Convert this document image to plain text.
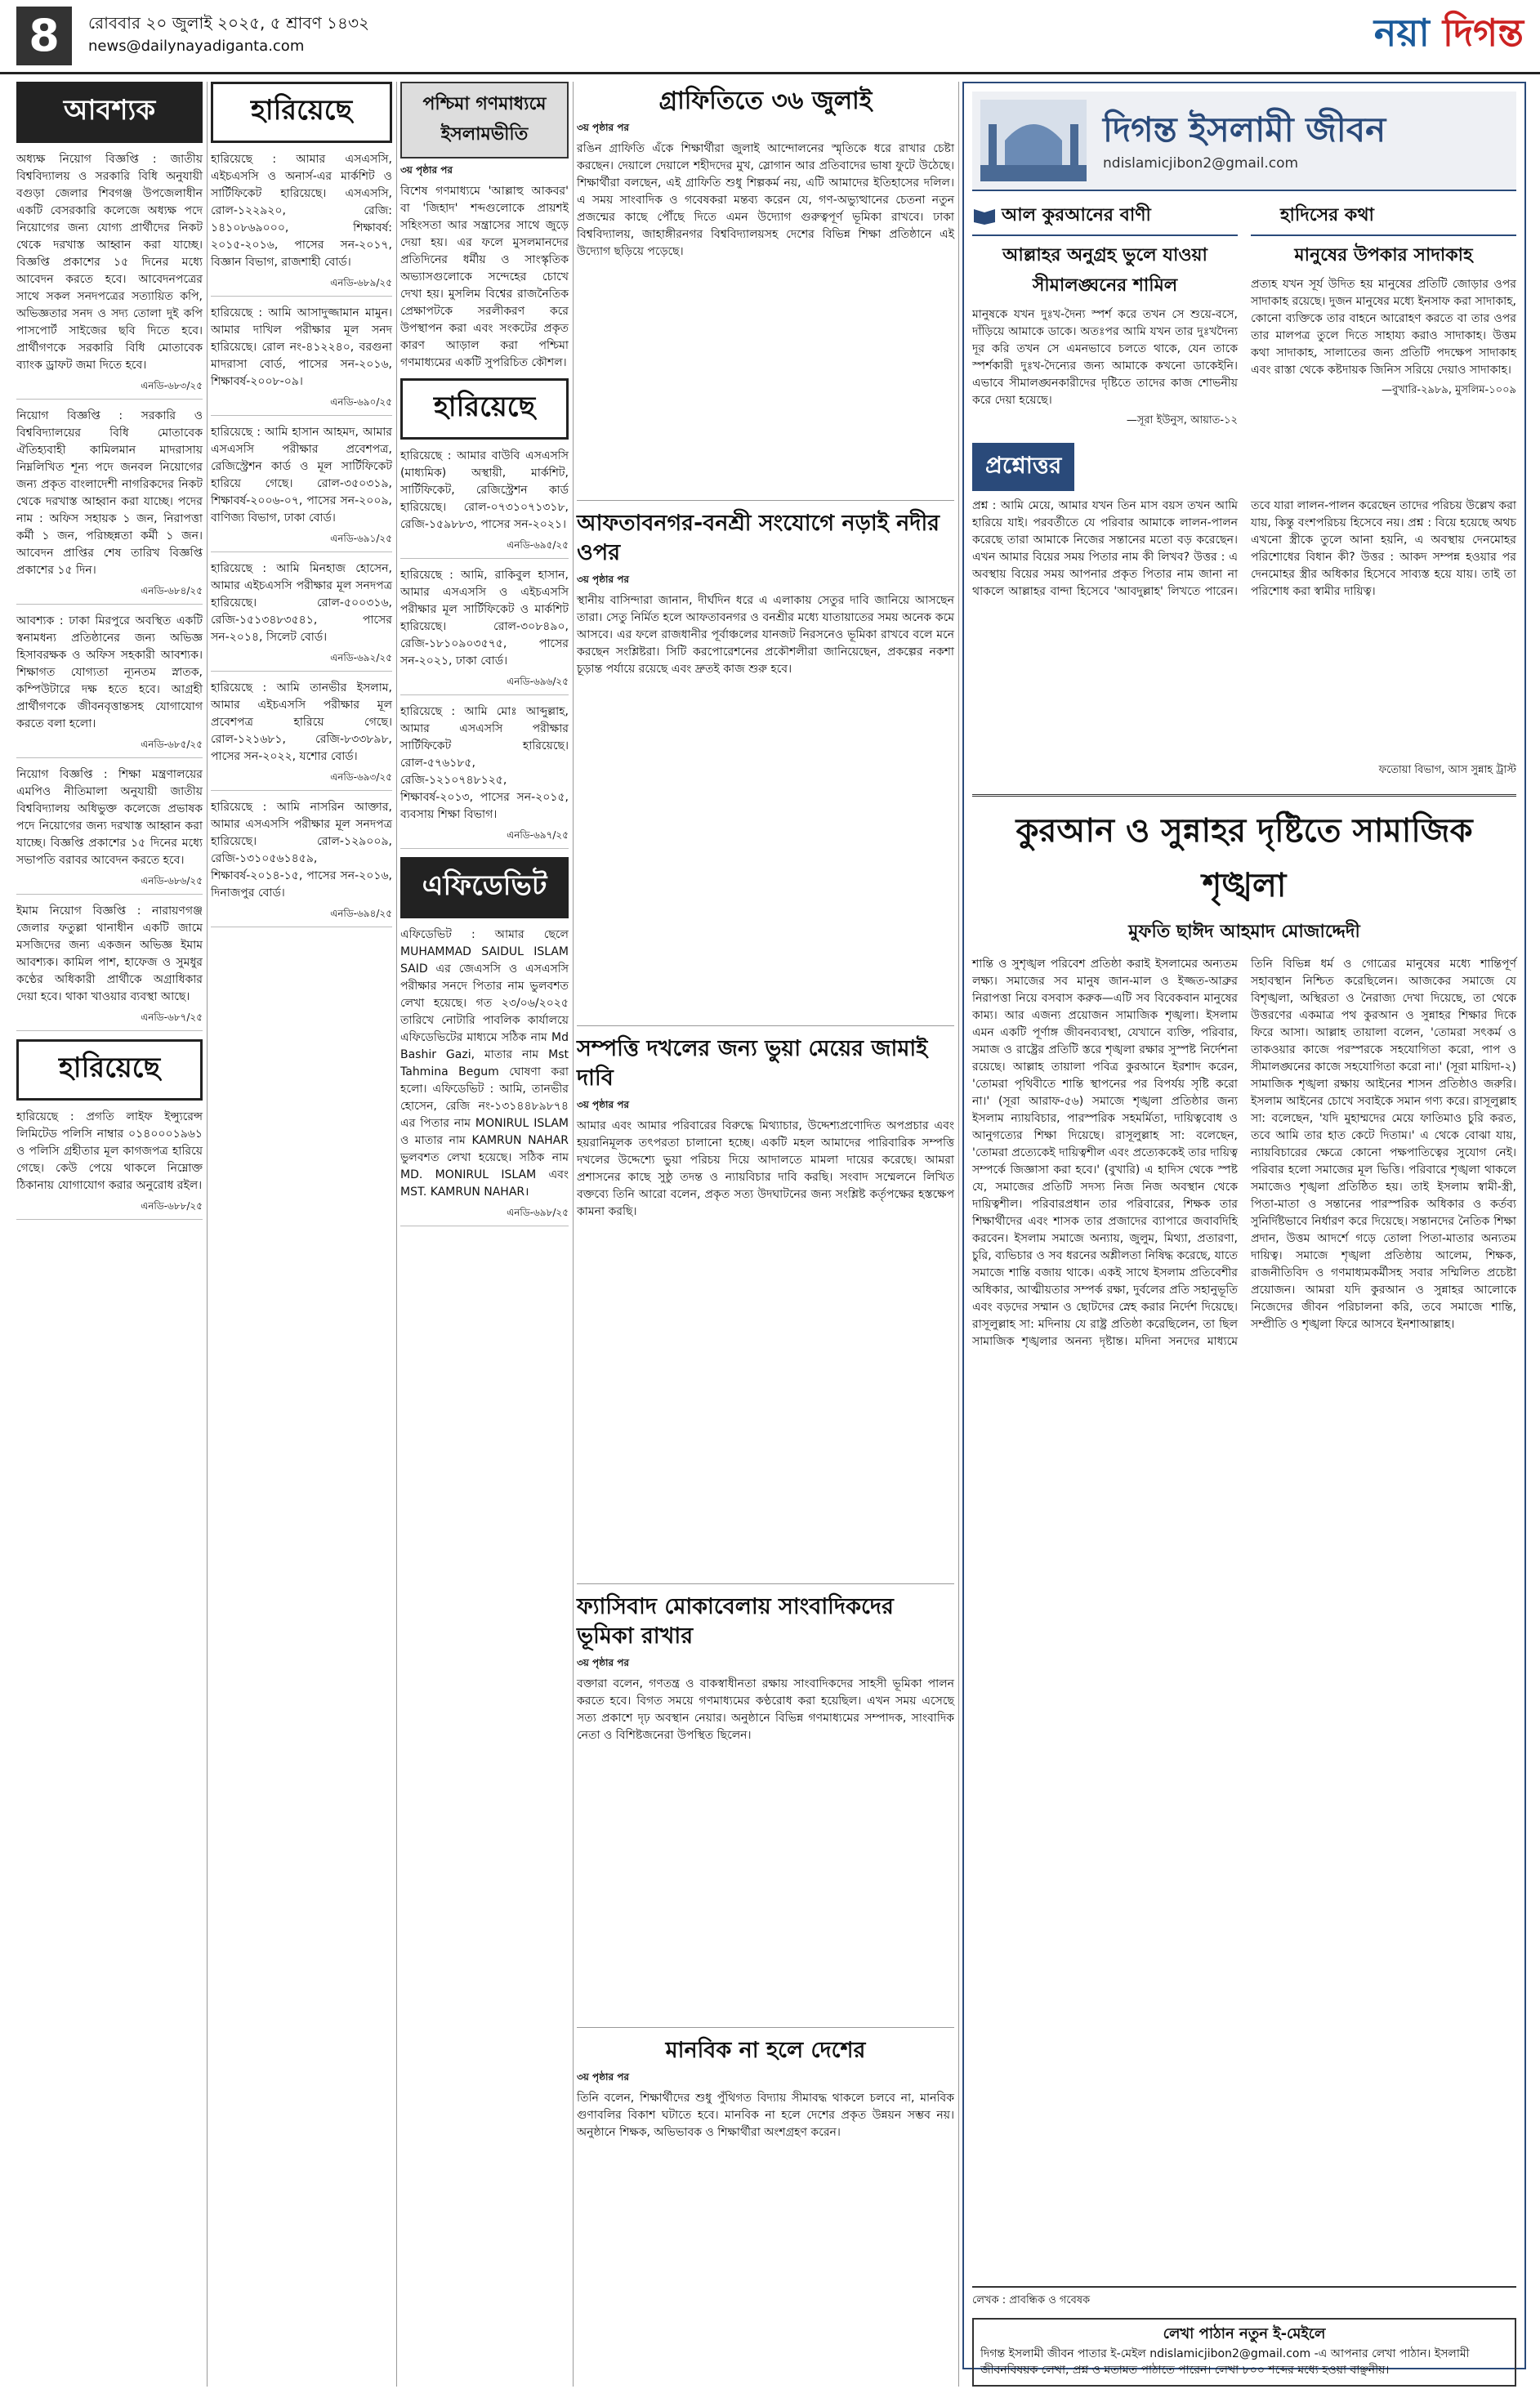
8	রোববার ২০ জুলাই ২০২৫, ৫ শ্রাবণ ১৪৩২
news@dailynayadiganta.com	নয়া দিগন্ত
আবশ্যক

অধ্যক্ষ নিয়োগ বিজ্ঞপ্তি : জাতীয় বিশ্ববিদ্যালয় ও সরকারি বিধি অনুযায়ী বগুড়া জেলার শিবগঞ্জ উপজেলাধীন একটি বেসরকারি কলেজে অধ্যক্ষ পদে নিয়োগের জন্য যোগ্য প্রার্থীদের নিকট থেকে দরখাস্ত আহ্বান করা যাচ্ছে। বিজ্ঞপ্তি প্রকাশের ১৫ দিনের মধ্যে আবেদন করতে হবে। আবেদনপত্রের সাথে সকল সনদপত্রের সত্যায়িত কপি, অভিজ্ঞতার সনদ ও সদ্য তোলা দুই কপি পাসপোর্ট সাইজের ছবি দিতে হবে। প্রার্থীগণকে সরকারি বিধি মোতাবেক ব্যাংক ড্রাফট জমা দিতে হবে।

এনডি-৬৮৩/২৫

নিয়োগ বিজ্ঞপ্তি : সরকারি ও বিশ্ববিদ্যালয়ের বিধি মোতাবেক ঐতিহ্যবাহী কামিলমান মাদরাসায় নিম্নলিখিত শূন্য পদে জনবল নিয়োগের জন্য প্রকৃত বাংলাদেশী নাগরিকদের নিকট থেকে দরখাস্ত আহ্বান করা যাচ্ছে। পদের নাম : অফিস সহায়ক ১ জন, নিরাপত্তা কর্মী ১ জন, পরিচ্ছন্নতা কর্মী ১ জন। আবেদন প্রাপ্তির শেষ তারিখ বিজ্ঞপ্তি প্রকাশের ১৫ দিন।

এনডি-৬৮৪/২৫

আবশ্যক : ঢাকা মিরপুরে অবস্থিত একটি স্বনামধন্য প্রতিষ্ঠানের জন্য অভিজ্ঞ হিসাবরক্ষক ও অফিস সহকারী আবশ্যক। শিক্ষাগত যোগ্যতা ন্যূনতম স্নাতক, কম্পিউটারে দক্ষ হতে হবে। আগ্রহী প্রার্থীগণকে জীবনবৃত্তান্তসহ যোগাযোগ করতে বলা হলো।

এনডি-৬৮৫/২৫

নিয়োগ বিজ্ঞপ্তি : শিক্ষা মন্ত্রণালয়ের এমপিও নীতিমালা অনুযায়ী জাতীয় বিশ্ববিদ্যালয় অধিভুক্ত কলেজে প্রভাষক পদে নিয়োগের জন্য দরখাস্ত আহ্বান করা যাচ্ছে। বিজ্ঞপ্তি প্রকাশের ১৫ দিনের মধ্যে সভাপতি বরাবর আবেদন করতে হবে।

এনডি-৬৮৬/২৫

ইমাম নিয়োগ বিজ্ঞপ্তি : নারায়ণগঞ্জ জেলার ফতুল্লা থানাধীন একটি জামে মসজিদের জন্য একজন অভিজ্ঞ ইমাম আবশ্যক। কামিল পাশ, হাফেজ ও সুমধুর কণ্ঠের অধিকারী প্রার্থীকে অগ্রাধিকার দেয়া হবে। থাকা খাওয়ার ব্যবস্থা আছে।

এনডি-৬৮৭/২৫

হারিয়েছে

হারিয়েছে : প্রগতি লাইফ ইন্স্যুরেন্স লিমিটেড পলিসি নাম্বার ০১৪০০০১৯৬১ ও পলিসি গ্রহীতার মূল কাগজপত্র হারিয়ে গেছে। কেউ পেয়ে থাকলে নিম্নোক্ত ঠিকানায় যোগাযোগ করার অনুরোধ রইল।

এনডি-৬৮৮/২৫

হারিয়েছে

হারিয়েছে : আমার এসএসসি, এইচএসসি ও অনার্স-এর মার্কশিট ও সার্টিফিকেট হারিয়েছে। এসএসসি, রোল-১২২৯২০, রেজি: ১৪১০৮৬৯০০০, শিক্ষাবর্ষ: ২০১৫-২০১৬, পাসের সন-২০১৭, বিজ্ঞান বিভাগ, রাজশাহী বোর্ড।

এনডি-৬৮৯/২৫

হারিয়েছে : আমি আসাদুজ্জামান মামুন। আমার দাখিল পরীক্ষার মূল সনদ হারিয়েছে। রোল নং-৪১২২৪০, বরগুনা মাদরাসা বোর্ড, পাসের সন-২০১৬, শিক্ষাবর্ষ-২০০৮-০৯।

এনডি-৬৯০/২৫

হারিয়েছে : আমি হাসান আহমদ, আমার এসএসসি পরীক্ষার প্রবেশপত্র, রেজিস্ট্রেশন কার্ড ও মূল সার্টিফিকেট হারিয়ে গেছে। রোল-৩৫০৩১৯, শিক্ষাবর্ষ-২০০৬-০৭, পাসের সন-২০০৯, বাণিজ্য বিভাগ, ঢাকা বোর্ড।

এনডি-৬৯১/২৫

হারিয়েছে : আমি মিনহাজ হোসেন, আমার এইচএসসি পরীক্ষার মূল সনদপত্র হারিয়েছে। রোল-৫০০৩১৬, রেজি-১৫১৩৪৮৩৫৪১, পাসের সন-২০১৪, সিলেট বোর্ড।

এনডি-৬৯২/২৫

হারিয়েছে : আমি তানভীর ইসলাম, আমার এইচএসসি পরীক্ষার মূল প্রবেশপত্র হারিয়ে গেছে। রোল-১২১৬৮১, রেজি-৮৩৩৮৯৮, পাসের সন-২০২২, যশোর বোর্ড।

এনডি-৬৯৩/২৫

হারিয়েছে : আমি নাসরিন আক্তার, আমার এসএসসি পরীক্ষার মূল সনদপত্র হারিয়েছে। রোল-১২৯০০৯, রেজি-১৩১০৫৬১৪৫৯, শিক্ষাবর্ষ-২০১৪-১৫, পাসের সন-২০১৬, দিনাজপুর বোর্ড।

এনডি-৬৯৪/২৫

পশ্চিমা গণমাধ্যমে ইসলামভীতি
৩য় পৃষ্ঠার পর

বিশেষ গণমাধ্যমে 'আল্লাহু আকবর' বা 'জিহাদ' শব্দগুলোকে প্রায়শই সহিংসতা আর সন্ত্রাসের সাথে জুড়ে দেয়া হয়। এর ফলে মুসলমানদের প্রতিদিনের ধর্মীয় ও সাংস্কৃতিক অভ্যাসগুলোকে সন্দেহের চোখে দেখা হয়। মুসলিম বিশ্বের রাজনৈতিক প্রেক্ষাপটকে সরলীকরণ করে উপস্থাপন করা এবং সংকটের প্রকৃত কারণ আড়াল করা পশ্চিমা গণমাধ্যমের একটি সুপরিচিত কৌশল।

হারিয়েছে

হারিয়েছে : আমার বাউবি এসএসসি (মাধ্যমিক) অস্থায়ী, মার্কশিট, সার্টিফিকেট, রেজিস্ট্রেশন কার্ড হারিয়েছে। রোল-০৭৩১০৭১৩১৮, রেজি-১৫৯৮৮৩, পাসের সন-২০২১।

এনডি-৬৯৫/২৫

হারিয়েছে : আমি, রাকিবুল হাসান, আমার এসএসসি ও এইচএসসি পরীক্ষার মূল সার্টিফিকেট ও মার্কশিট হারিয়েছে। রোল-৩০৮৪৯০, রেজি-১৮১০৯০৩৫৭৫, পাসের সন-২০২১, ঢাকা বোর্ড।

এনডি-৬৯৬/২৫

হারিয়েছে : আমি মোঃ আব্দুল্লাহ, আমার এসএসসি পরীক্ষার সার্টিফিকেট হারিয়েছে। রোল-৫৭৬১৮৫, রেজি-১২১০৭৪৮১২৫, শিক্ষাবর্ষ-২০১৩, পাসের সন-২০১৫, ব্যবসায় শিক্ষা বিভাগ।

এনডি-৬৯৭/২৫

এফিডেভিট

এফিডেভিট : আমার ছেলে MUHAMMAD SAIDUL ISLAM SAID এর জেএসসি ও এসএসসি পরীক্ষার সনদে পিতার নাম ভুলবশত লেখা হয়েছে। গত ২৩/০৬/২০২৫ তারিখে নোটারি পাবলিক কার্যালয়ে এফিডেভিটের মাধ্যমে সঠিক নাম Md Bashir Gazi, মাতার নাম Mst Tahmina Begum ঘোষণা করা হলো। এফিডেভিট : আমি, তানভীর হোসেন, রেজি নং-১৩১৪৪৮৯৮৭৪ এর পিতার নাম MONIRUL ISLAM ও মাতার নাম KAMRUN NAHAR ভুলবশত লেখা হয়েছে। সঠিক নাম MD. MONIRUL ISLAM এবং MST. KAMRUN NAHAR।

এনডি-৬৯৮/২৫

গ্রাফিতিতে ৩৬ জুলাই
৩য় পৃষ্ঠার পর

রঙিন গ্রাফিতি এঁকে শিক্ষার্থীরা জুলাই আন্দোলনের স্মৃতিকে ধরে রাখার চেষ্টা করছেন। দেয়ালে দেয়ালে শহীদদের মুখ, স্লোগান আর প্রতিবাদের ভাষা ফুটে উঠেছে। শিক্ষার্থীরা বলছেন, এই গ্রাফিতি শুধু শিল্পকর্ম নয়, এটি আমাদের ইতিহাসের দলিল। এ সময় সাংবাদিক ও গবেষকরা মন্তব্য করেন যে, গণ-অভ্যুত্থানের চেতনা নতুন প্রজন্মের কাছে পৌঁছে দিতে এমন উদ্যোগ গুরুত্বপূর্ণ ভূমিকা রাখবে। ঢাকা বিশ্ববিদ্যালয়, জাহাঙ্গীরনগর বিশ্ববিদ্যালয়সহ দেশের বিভিন্ন শিক্ষা প্রতিষ্ঠানে এই উদ্যোগ ছড়িয়ে পড়েছে।

আফতাবনগর-বনশ্রী সংযোগে নড়াই নদীর ওপর
৩য় পৃষ্ঠার পর

স্থানীয় বাসিন্দারা জানান, দীর্ঘদিন ধরে এ এলাকায় সেতুর দাবি জানিয়ে আসছেন তারা। সেতু নির্মিত হলে আফতাবনগর ও বনশ্রীর মধ্যে যাতায়াতের সময় অনেক কমে আসবে। এর ফলে রাজধানীর পূর্বাঞ্চলের যানজট নিরসনেও ভূমিকা রাখবে বলে মনে করছেন সংশ্লিষ্টরা। সিটি করপোরেশনের প্রকৌশলীরা জানিয়েছেন, প্রকল্পের নকশা চূড়ান্ত পর্যায়ে রয়েছে এবং দ্রুতই কাজ শুরু হবে।

সম্পত্তি দখলের জন্য ভুয়া মেয়ের জামাই দাবি
৩য় পৃষ্ঠার পর

আমার এবং আমার পরিবারের বিরুদ্ধে মিথ্যাচার, উদ্দেশ্যপ্রণোদিত অপপ্রচার এবং হয়রানিমূলক তৎপরতা চালানো হচ্ছে। একটি মহল আমাদের পারিবারিক সম্পত্তি দখলের উদ্দেশ্যে ভুয়া পরিচয় দিয়ে আদালতে মামলা দায়ের করেছে। আমরা প্রশাসনের কাছে সুষ্ঠু তদন্ত ও ন্যায়বিচার দাবি করছি। সংবাদ সম্মেলনে লিখিত বক্তব্যে তিনি আরো বলেন, প্রকৃত সত্য উদঘাটনের জন্য সংশ্লিষ্ট কর্তৃপক্ষের হস্তক্ষেপ কামনা করছি।

ফ্যাসিবাদ মোকাবেলায় সাংবাদিকদের ভূমিকা রাখার
৩য় পৃষ্ঠার পর

বক্তারা বলেন, গণতন্ত্র ও বাকস্বাধীনতা রক্ষায় সাংবাদিকদের সাহসী ভূমিকা পালন করতে হবে। বিগত সময়ে গণমাধ্যমের কণ্ঠরোধ করা হয়েছিল। এখন সময় এসেছে সত্য প্রকাশে দৃঢ় অবস্থান নেয়ার। অনুষ্ঠানে বিভিন্ন গণমাধ্যমের সম্পাদক, সাংবাদিক নেতা ও বিশিষ্টজনেরা উপস্থিত ছিলেন।

মানবিক না হলে দেশের
৩য় পৃষ্ঠার পর

তিনি বলেন, শিক্ষার্থীদের শুধু পুঁথিগত বিদ্যায় সীমাবদ্ধ থাকলে চলবে না, মানবিক গুণাবলির বিকাশ ঘটাতে হবে। মানবিক না হলে দেশের প্রকৃত উন্নয়ন সম্ভব নয়। অনুষ্ঠানে শিক্ষক, অভিভাবক ও শিক্ষার্থীরা অংশগ্রহণ করেন।

দিগন্ত ইসলামী জীবন
ndislamicjibon2@gmail.com
আল কুরআনের বাণী
আল্লাহর অনুগ্রহ ভুলে যাওয়া সীমালঙ্ঘনের শামিল
মানুষকে যখন দুঃখ-দৈন্য স্পর্শ করে তখন সে শুয়ে-বসে, দাঁড়িয়ে আমাকে ডাকে। অতঃপর আমি যখন তার দুঃখদৈন্য দূর করি তখন সে এমনভাবে চলতে থাকে, যেন তাকে স্পর্শকারী দুঃখ-দৈন্যের জন্য আমাকে কখনো ডাকেইনি। এভাবে সীমালঙ্ঘনকারীদের দৃষ্টিতে তাদের কাজ শোভনীয় করে দেয়া হয়েছে।
—সূরা ইউনুস, আয়াত-১২
হাদিসের কথা
মানুষের উপকার সাদাকাহ
প্রত্যহ যখন সূর্য উদিত হয় মানুষের প্রতিটি জোড়ার ওপর সাদাকাহ রয়েছে। দুজন মানুষের মধ্যে ইনসাফ করা সাদাকাহ, কোনো ব্যক্তিকে তার বাহনে আরোহণ করতে বা তার ওপর তার মালপত্র তুলে দিতে সাহায্য করাও সাদাকাহ। উত্তম কথা সাদাকাহ, সালাতের জন্য প্রতিটি পদক্ষেপ সাদাকাহ এবং রাস্তা থেকে কষ্টদায়ক জিনিস সরিয়ে দেয়াও সাদাকাহ।
—বুখারি-২৯৮৯, মুসলিম-১০০৯
প্রশ্নোত্তর
প্রশ্ন : আমি মেয়ে, আমার যখন তিন মাস বয়স তখন আমি হারিয়ে যাই। পরবর্তীতে যে পরিবার আমাকে লালন-পালন করেছে তারা আমাকে নিজের সন্তানের মতো বড় করেছেন। এখন আমার বিয়ের সময় পিতার নাম কী লিখব? উত্তর : এ অবস্থায় বিয়ের সময় আপনার প্রকৃত পিতার নাম জানা না থাকলে আল্লাহর বান্দা হিসেবে 'আবদুল্লাহ' লিখতে পারেন। তবে যারা লালন-পালন করেছেন তাদের পরিচয় উল্লেখ করা যায়, কিন্তু বংশপরিচয় হিসেবে নয়। প্রশ্ন : বিয়ে হয়েছে অথচ এখনো স্ত্রীকে তুলে আনা হয়নি, এ অবস্থায় দেনমোহর পরিশোধের বিধান কী? উত্তর : আকদ সম্পন্ন হওয়ার পর দেনমোহর স্ত্রীর অধিকার হিসেবে সাব্যস্ত হয়ে যায়। তাই তা পরিশোধ করা স্বামীর দায়িত্ব।
ফতোয়া বিভাগ, আস সুন্নাহ ট্রাস্ট
কুরআন ও সুন্নাহর দৃষ্টিতে সামাজিক শৃঙ্খলা
মুফতি ছাঈদ আহমাদ মোজাদ্দেদী
শান্তি ও সুশৃঙ্খল পরিবেশ প্রতিষ্ঠা করাই ইসলামের অন্যতম লক্ষ্য। সমাজের সব মানুষ জান-মাল ও ইজ্জত-আব্রুর নিরাপত্তা নিয়ে বসবাস করুক—এটি সব বিবেকবান মানুষের কাম্য। আর এজন্য প্রয়োজন সামাজিক শৃঙ্খলা। ইসলাম এমন একটি পূর্ণাঙ্গ জীবনব্যবস্থা, যেখানে ব্যক্তি, পরিবার, সমাজ ও রাষ্ট্রের প্রতিটি স্তরে শৃঙ্খলা রক্ষার সুস্পষ্ট নির্দেশনা রয়েছে। আল্লাহ তায়ালা পবিত্র কুরআনে ইরশাদ করেন, 'তোমরা পৃথিবীতে শান্তি স্থাপনের পর বিপর্যয় সৃষ্টি করো না।' (সূরা আরাফ-৫৬) সমাজে শৃঙ্খলা প্রতিষ্ঠার জন্য ইসলাম ন্যায়বিচার, পারস্পরিক সহমর্মিতা, দায়িত্ববোধ ও আনুগত্যের শিক্ষা দিয়েছে। রাসূলুল্লাহ সা: বলেছেন, 'তোমরা প্রত্যেকেই দায়িত্বশীল এবং প্রত্যেককেই তার দায়িত্ব সম্পর্কে জিজ্ঞাসা করা হবে।' (বুখারি) এ হাদিস থেকে স্পষ্ট যে, সমাজের প্রতিটি সদস্য নিজ নিজ অবস্থান থেকে দায়িত্বশীল। পরিবারপ্রধান তার পরিবারের, শিক্ষক তার শিক্ষার্থীদের এবং শাসক তার প্রজাদের ব্যাপারে জবাবদিহি করবেন। ইসলাম সমাজে অন্যায়, জুলুম, মিথ্যা, প্রতারণা, চুরি, ব্যভিচার ও সব ধরনের অশ্লীলতা নিষিদ্ধ করেছে, যাতে সমাজে শান্তি বজায় থাকে। একই সাথে ইসলাম প্রতিবেশীর অধিকার, আত্মীয়তার সম্পর্ক রক্ষা, দুর্বলের প্রতি সহানুভূতি এবং বড়দের সম্মান ও ছোটদের স্নেহ করার নির্দেশ দিয়েছে। রাসূলুল্লাহ সা: মদিনায় যে রাষ্ট্র প্রতিষ্ঠা করেছিলেন, তা ছিল সামাজিক শৃঙ্খলার অনন্য দৃষ্টান্ত। মদিনা সনদের মাধ্যমে তিনি বিভিন্ন ধর্ম ও গোত্রের মানুষের মধ্যে শান্তিপূর্ণ সহাবস্থান নিশ্চিত করেছিলেন। আজকের সমাজে যে বিশৃঙ্খলা, অস্থিরতা ও নৈরাজ্য দেখা দিয়েছে, তা থেকে উত্তরণের একমাত্র পথ কুরআন ও সুন্নাহর শিক্ষার দিকে ফিরে আসা। আল্লাহ তায়ালা বলেন, 'তোমরা সৎকর্ম ও তাকওয়ার কাজে পরস্পরকে সহযোগিতা করো, পাপ ও সীমালঙ্ঘনের কাজে সহযোগিতা করো না।' (সূরা মায়িদা-২) সামাজিক শৃঙ্খলা রক্ষায় আইনের শাসন প্রতিষ্ঠাও জরুরি। ইসলাম আইনের চোখে সবাইকে সমান গণ্য করে। রাসূলুল্লাহ সা: বলেছেন, 'যদি মুহাম্মদের মেয়ে ফাতিমাও চুরি করত, তবে আমি তার হাত কেটে দিতাম।' এ থেকে বোঝা যায়, ন্যায়বিচারের ক্ষেত্রে কোনো পক্ষপাতিত্বের সুযোগ নেই। পরিবার হলো সমাজের মূল ভিত্তি। পরিবারে শৃঙ্খলা থাকলে সমাজেও শৃঙ্খলা প্রতিষ্ঠিত হয়। তাই ইসলাম স্বামী-স্ত্রী, পিতা-মাতা ও সন্তানের পারস্পরিক অধিকার ও কর্তব্য সুনির্দিষ্টভাবে নির্ধারণ করে দিয়েছে। সন্তানদের নৈতিক শিক্ষা প্রদান, উত্তম আদর্শে গড়ে তোলা পিতা-মাতার অন্যতম দায়িত্ব। সমাজে শৃঙ্খলা প্রতিষ্ঠায় আলেম, শিক্ষক, রাজনীতিবিদ ও গণমাধ্যমকর্মীসহ সবার সম্মিলিত প্রচেষ্টা প্রয়োজন। আমরা যদি কুরআন ও সুন্নাহর আলোকে নিজেদের জীবন পরিচালনা করি, তবে সমাজে শান্তি, সম্প্রীতি ও শৃঙ্খলা ফিরে আসবে ইনশাআল্লাহ।
লেখক : প্রাবন্ধিক ও গবেষক
লেখা পাঠান নতুন ই-মেইলে
দিগন্ত ইসলামী জীবন পাতার ই-মেইল ndislamicjibon2@gmail.com -এ আপনার লেখা পাঠান। ইসলামী জীবনবিষয়ক লেখা, প্রশ্ন ও মতামত পাঠাতে পারেন। লেখা ৮০০ শব্দের মধ্যে হওয়া বাঞ্ছনীয়।
